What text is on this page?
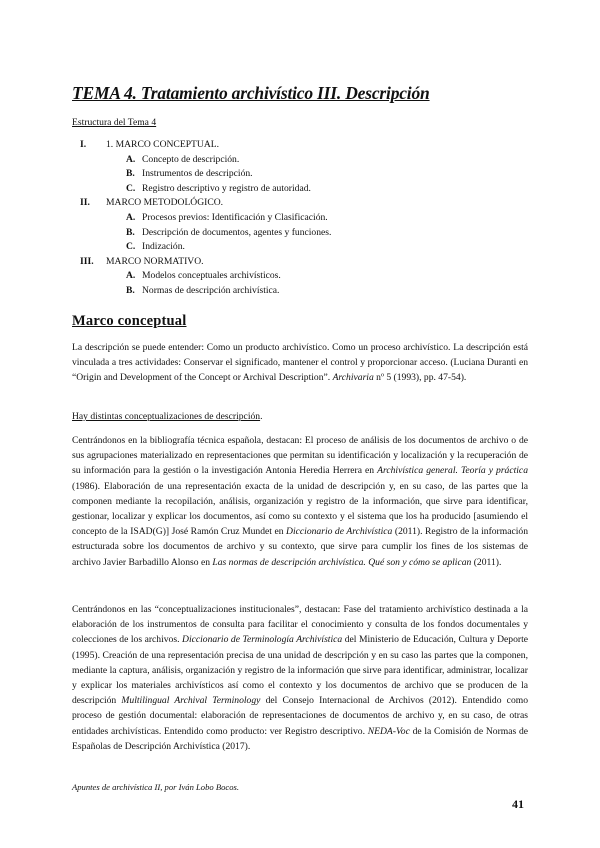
TEMA 4. Tratamiento archivístico III. Descripción
Estructura del Tema 4
I. 1. MARCO CONCEPTUAL.
A. Concepto de descripción.
B. Instrumentos de descripción.
C. Registro descriptivo y registro de autoridad.
II. MARCO METODOLÓGICO.
A. Procesos previos: Identificación y Clasificación.
B. Descripción de documentos, agentes y funciones.
C. Indización.
III. MARCO NORMATIVO.
A. Modelos conceptuales archivísticos.
B. Normas de descripción archivística.
Marco conceptual
La descripción se puede entender: Como un producto archivístico. Como un proceso archivístico. La descripción está vinculada a tres actividades: Conservar el significado, mantener el control y proporcionar acceso. (Luciana Duranti en “Origin and Development of the Concept or Archival Description”. Archivaria nº 5 (1993), pp. 47-54).
Hay distintas conceptualizaciones de descripción.
Centrándonos en la bibliografía técnica española, destacan: El proceso de análisis de los documentos de archivo o de sus agrupaciones materializado en representaciones que permitan su identificación y localización y la recuperación de su información para la gestión o la investigación Antonia Heredia Herrera en Archivística general. Teoría y práctica (1986). Elaboración de una representación exacta de la unidad de descripción y, en su caso, de las partes que la componen mediante la recopilación, análisis, organización y registro de la información, que sirve para identificar, gestionar, localizar y explicar los documentos, así como su contexto y el sistema que los ha producido [asumiendo el concepto de la ISAD(G)] José Ramón Cruz Mundet en Diccionario de Archivística (2011). Registro de la información estructurada sobre los documentos de archivo y su contexto, que sirve para cumplir los fines de los sistemas de archivo Javier Barbadillo Alonso en Las normas de descripción archivística. Qué son y cómo se aplican (2011).
Centrándonos en las “conceptualizaciones institucionales”, destacan: Fase del tratamiento archivístico destinada a la elaboración de los instrumentos de consulta para facilitar el conocimiento y consulta de los fondos documentales y colecciones de los archivos. Diccionario de Terminología Archivística del Ministerio de Educación, Cultura y Deporte (1995). Creación de una representación precisa de una unidad de descripción y en su caso las partes que la componen, mediante la captura, análisis, organización y registro de la información que sirve para identificar, administrar, localizar y explicar los materiales archivísticos así como el contexto y los documentos de archivo que se producen de la descripción Multilingual Archival Terminology del Consejo Internacional de Archivos (2012). Entendido como proceso de gestión documental: elaboración de representaciones de documentos de archivo y, en su caso, de otras entidades archivísticas. Entendido como producto: ver Registro descriptivo. NEDA-Voc de la Comisión de Normas de Españolas de Descripción Archivística (2017).
Apuntes de archivística II, por Iván Lobo Bocos.
41
